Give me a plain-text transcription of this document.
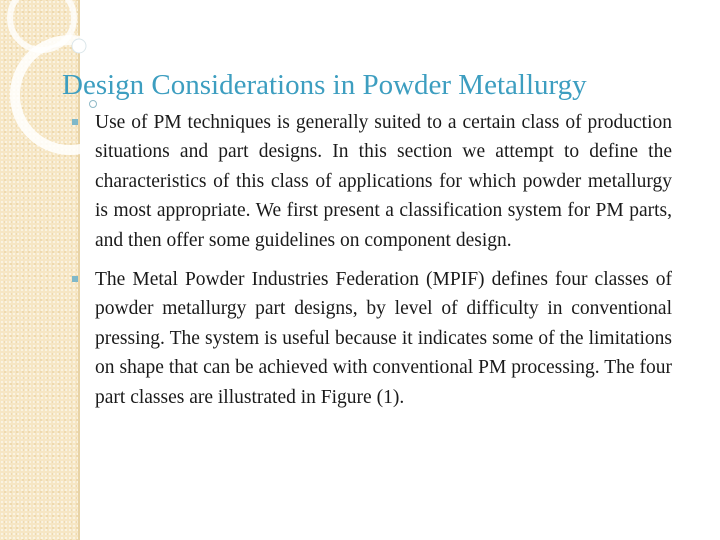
Design Considerations in Powder Metallurgy
Use of PM techniques is generally suited to a certain class of production situations and part designs. In this section we attempt to define the characteristics of this class of applications for which powder metallurgy is most appropriate. We first present a classification system for PM parts, and then offer some guidelines on component design.
The Metal Powder Industries Federation (MPIF) defines four classes of powder metallurgy part designs, by level of difficulty in conventional pressing. The system is useful because it indicates some of the limitations on shape that can be achieved with conventional PM processing. The four part classes are illustrated in Figure (1).
